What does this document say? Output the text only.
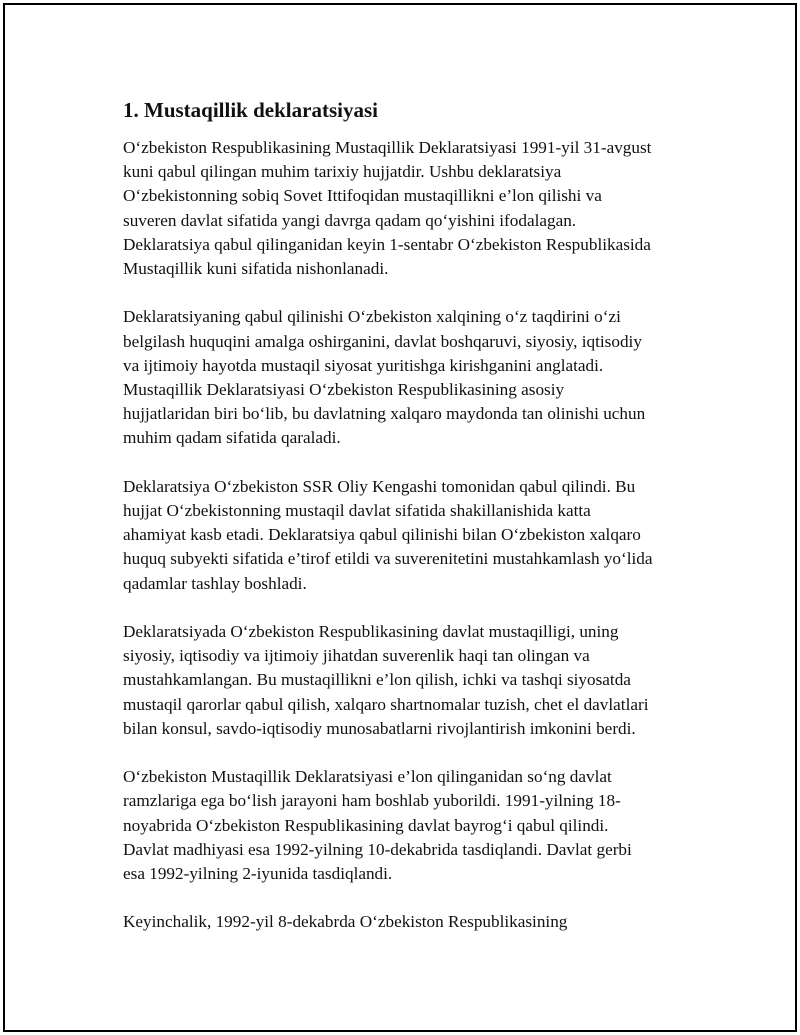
1. Mustaqillik deklaratsiyasi

O‘zbekiston Respublikasining Mustaqillik Deklaratsiyasi 1991-yil 31-avgust
kuni qabul qilingan muhim tarixiy hujjatdir. Ushbu deklaratsiya
O‘zbekistonning sobiq Sovet Ittifoqidan mustaqillikni e’lon qilishi va
suveren davlat sifatida yangi davrga qadam qo‘yishini ifodalagan.
Deklaratsiya qabul qilinganidan keyin 1-sentabr O‘zbekiston Respublikasida
Mustaqillik kuni sifatida nishonlanadi.

Deklaratsiyaning qabul qilinishi O‘zbekiston xalqining o‘z taqdirini o‘zi
belgilash huquqini amalga oshirganini, davlat boshqaruvi, siyosiy, iqtisodiy
va ijtimoiy hayotda mustaqil siyosat yuritishga kirishganini anglatadi.
Mustaqillik Deklaratsiyasi O‘zbekiston Respublikasining asosiy
hujjatlaridan biri bo‘lib, bu davlatning xalqaro maydonda tan olinishi uchun
muhim qadam sifatida qaraladi.

Deklaratsiya O‘zbekiston SSR Oliy Kengashi tomonidan qabul qilindi. Bu
hujjat O‘zbekistonning mustaqil davlat sifatida shakillanishida katta
ahamiyat kasb etadi. Deklaratsiya qabul qilinishi bilan O‘zbekiston xalqaro
huquq subyekti sifatida e’tirof etildi va suverenitetini mustahkamlash yo‘lida
qadamlar tashlay boshladi.

Deklaratsiyada O‘zbekiston Respublikasining davlat mustaqilligi, uning
siyosiy, iqtisodiy va ijtimoiy jihatdan suverenlik haqi tan olingan va
mustahkamlangan. Bu mustaqillikni e’lon qilish, ichki va tashqi siyosatda
mustaqil qarorlar qabul qilish, xalqaro shartnomalar tuzish, chet el davlatlari
bilan konsul, savdo-iqtisodiy munosabatlarni rivojlantirish imkonini berdi.

O‘zbekiston Mustaqillik Deklaratsiyasi e’lon qilinganidan so‘ng davlat
ramzlariga ega bo‘lish jarayoni ham boshlab yuborildi. 1991-yilning 18-
noyabrida O‘zbekiston Respublikasining davlat bayrog‘i qabul qilindi.
Davlat madhiyasi esa 1992-yilning 10-dekabrida tasdiqlandi. Davlat gerbi
esa 1992-yilning 2-iyunida tasdiqlandi.

Keyinchalik, 1992-yil 8-dekabrda O‘zbekiston Respublikasining
